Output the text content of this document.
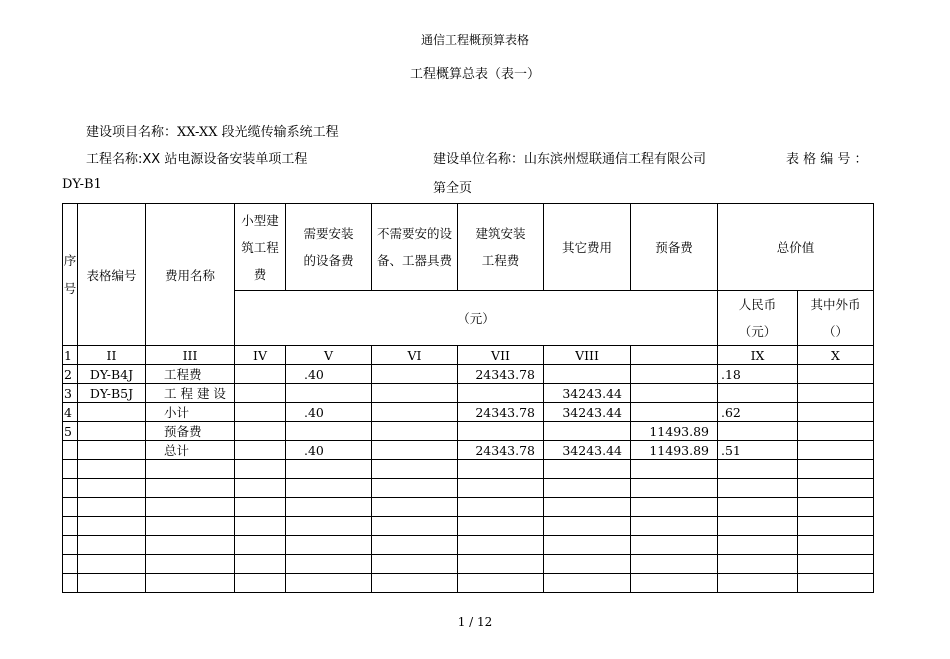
通信工程概预算表格
工程概算总表（表一）
建设项目名称：XX-XX 段光缆传输系统工程
工程名称:XX 站电源设备安装单项工程	建设单位名称：山东滨州煜联通信工程有限公司	表 格 编 号 ：
DY-B1	第全页
序号	表格编号	费用名称	小型建筑工程费	需要安装的设备费	不需要安的设备、工器具费	建筑安装工程费	其它费用	预备费	总价值	
			（元）						人民币（元）	其中外币（）
1	II	III	IV	V	VI	VII	VIII		IX	X
2	DY-B4J	工程费		.40		24343.78			.18	
3	DY-B5J	工 程 建 设					34243.44			
4		小计		.40		24343.78	34243.44		.62	
5		预备费						11493.89		
		总计		.40		24343.78	34243.44	11493.89	.51	

1 / 12
